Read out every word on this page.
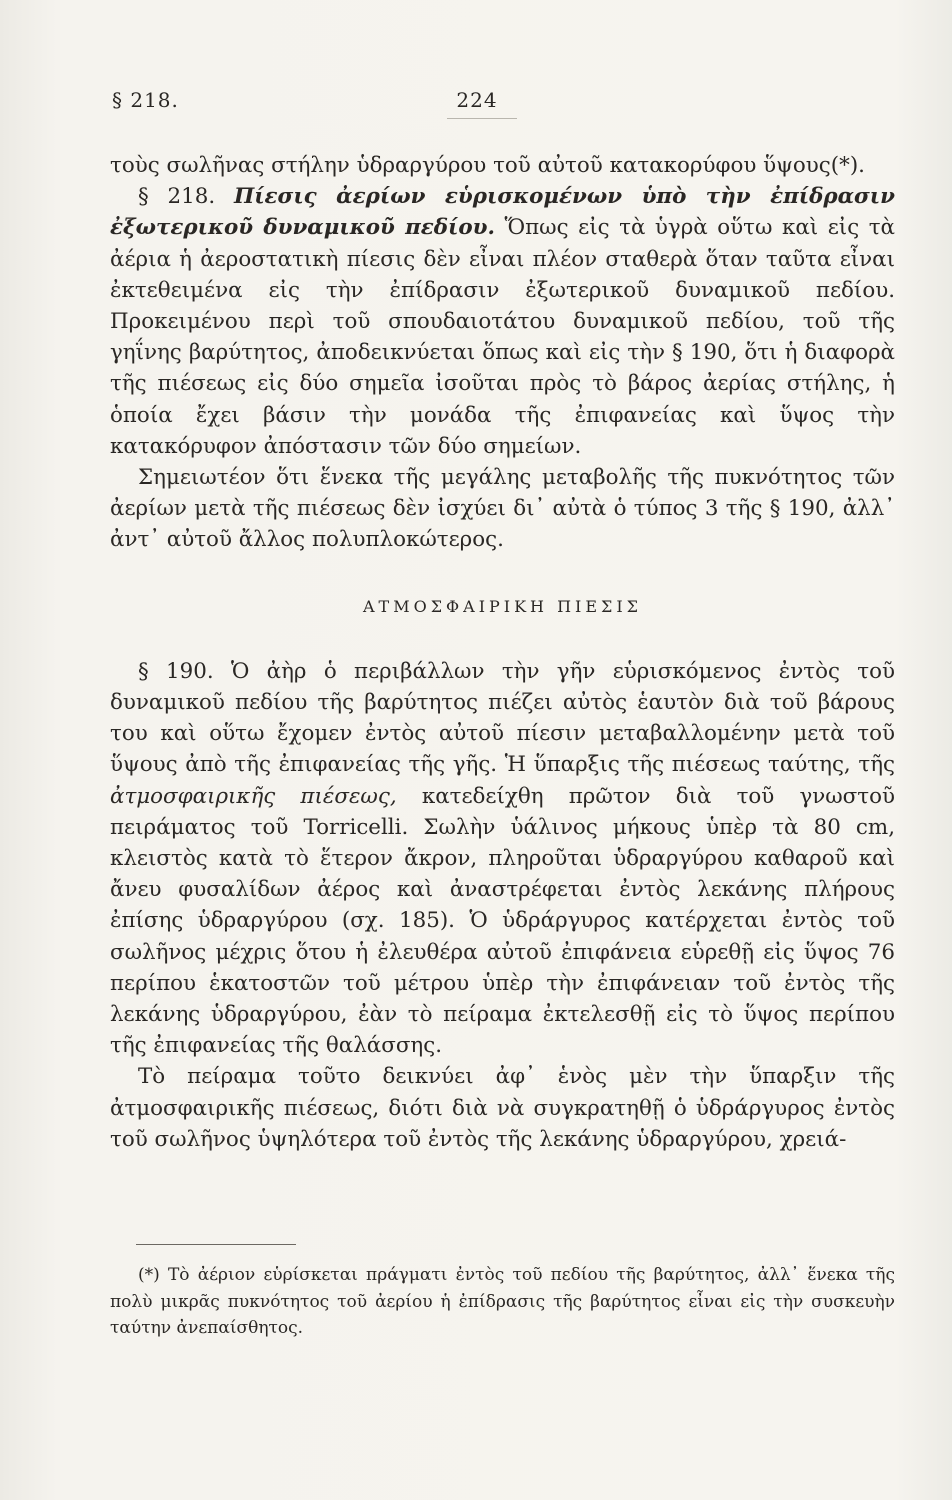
§ 218.	224

τοὺς σωλῆνας στήλην ὑδραργύρου τοῦ αὐτοῦ κατακορύφου ὕψους(*).

§ 218. Πίεσις ἀερίων εὑρισκομένων ὑπὸ τὴν ἐπίδρασιν ἐξωτερικοῦ δυναμικοῦ πεδίου. Ὅπως εἰς τὰ ὑγρὰ οὕτω καὶ εἰς τὰ ἀέρια ἡ ἀεροστατικὴ πίεσις δὲν εἶναι πλέον σταθερὰ ὅταν ταῦτα εἶναι ἐκτεθειμένα εἰς τὴν ἐπίδρασιν ἐξωτερικοῦ δυναμικοῦ πεδίου. Προκειμένου περὶ τοῦ σπουδαιοτάτου δυναμικοῦ πεδίου, τοῦ τῆς γηΐνης βαρύτητος, ἀποδεικνύεται ὅπως καὶ εἰς τὴν § 190, ὅτι ἡ διαφορὰ τῆς πιέσεως εἰς δύο σημεῖα ἰσοῦται πρὸς τὸ βάρος ἀερίας στήλης, ἡ ὁποία ἔχει βάσιν τὴν μονάδα τῆς ἐπιφανείας καὶ ὕψος τὴν κατακόρυφον ἀπόστασιν τῶν δύο σημείων.

Σημειωτέον ὅτι ἕνεκα τῆς μεγάλης μεταβολῆς τῆς πυκνότητος τῶν ἀερίων μετὰ τῆς πιέσεως δὲν ἰσχύει δι᾽ αὐτὰ ὁ τύπος 3 τῆς § 190, ἀλλ᾽ ἀντ᾽ αὐτοῦ ἄλλος πολυπλοκώτερος.

ΑΤΜΟΣΦΑΙΡΙΚΗ ΠΙΕΣΙΣ

§ 190. Ὁ ἀὴρ ὁ περιβάλλων τὴν γῆν εὑρισκόμενος ἐντὸς τοῦ δυναμικοῦ πεδίου τῆς βαρύτητος πιέζει αὐτὸς ἑαυτὸν διὰ τοῦ βάρους του καὶ οὕτω ἔχομεν ἐντὸς αὐτοῦ πίεσιν μεταβαλλομένην μετὰ τοῦ ὕψους ἀπὸ τῆς ἐπιφανείας τῆς γῆς. Ἡ ὕπαρξις τῆς πιέσεως ταύτης, τῆς ἀτμοσφαιρικῆς πιέσεως, κατεδείχθη πρῶτον διὰ τοῦ γνωστοῦ πειράματος τοῦ Torricelli. Σωλὴν ὑάλινος μήκους ὑπὲρ τὰ 80 cm, κλειστὸς κατὰ τὸ ἕτερον ἄκρον, πληροῦται ὑδραργύρου καθαροῦ καὶ ἄνευ φυσαλίδων ἀέρος καὶ ἀναστρέφεται ἐντὸς λεκάνης πλήρους ἐπίσης ὑδραργύρου (σχ. 185). Ὁ ὑδράργυρος κατέρχεται ἐντὸς τοῦ σωλῆνος μέχρις ὅτου ἡ ἐλευθέρα αὐτοῦ ἐπιφάνεια εὑρεθῇ εἰς ὕψος 76 περίπου ἑκατοστῶν τοῦ μέτρου ὑπὲρ τὴν ἐπιφάνειαν τοῦ ἐντὸς τῆς λεκάνης ὑδραργύρου, ἐὰν τὸ πείραμα ἐκτελεσθῇ εἰς τὸ ὕψος περίπου τῆς ἐπιφανείας τῆς θαλάσσης.

Τὸ πείραμα τοῦτο δεικνύει ἀφ᾽ ἑνὸς μὲν τὴν ὕπαρξιν τῆς ἀτμοσφαιρικῆς πιέσεως, διότι διὰ νὰ συγκρατηθῇ ὁ ὑδράργυρος ἐντὸς τοῦ σωλῆνος ὑψηλότερα τοῦ ἐντὸς τῆς λεκάνης ὑδραργύρου, χρειά-

(*) Τὸ ἀέριον εὑρίσκεται πράγματι ἐντὸς τοῦ πεδίου τῆς βαρύτητος, ἀλλ᾽ ἕνεκα τῆς πολὺ μικρᾶς πυκνότητος τοῦ ἀερίου ἡ ἐπίδρασις τῆς βαρύτητος εἶναι εἰς τὴν συσκευὴν ταύτην ἀνεπαίσθητος.
